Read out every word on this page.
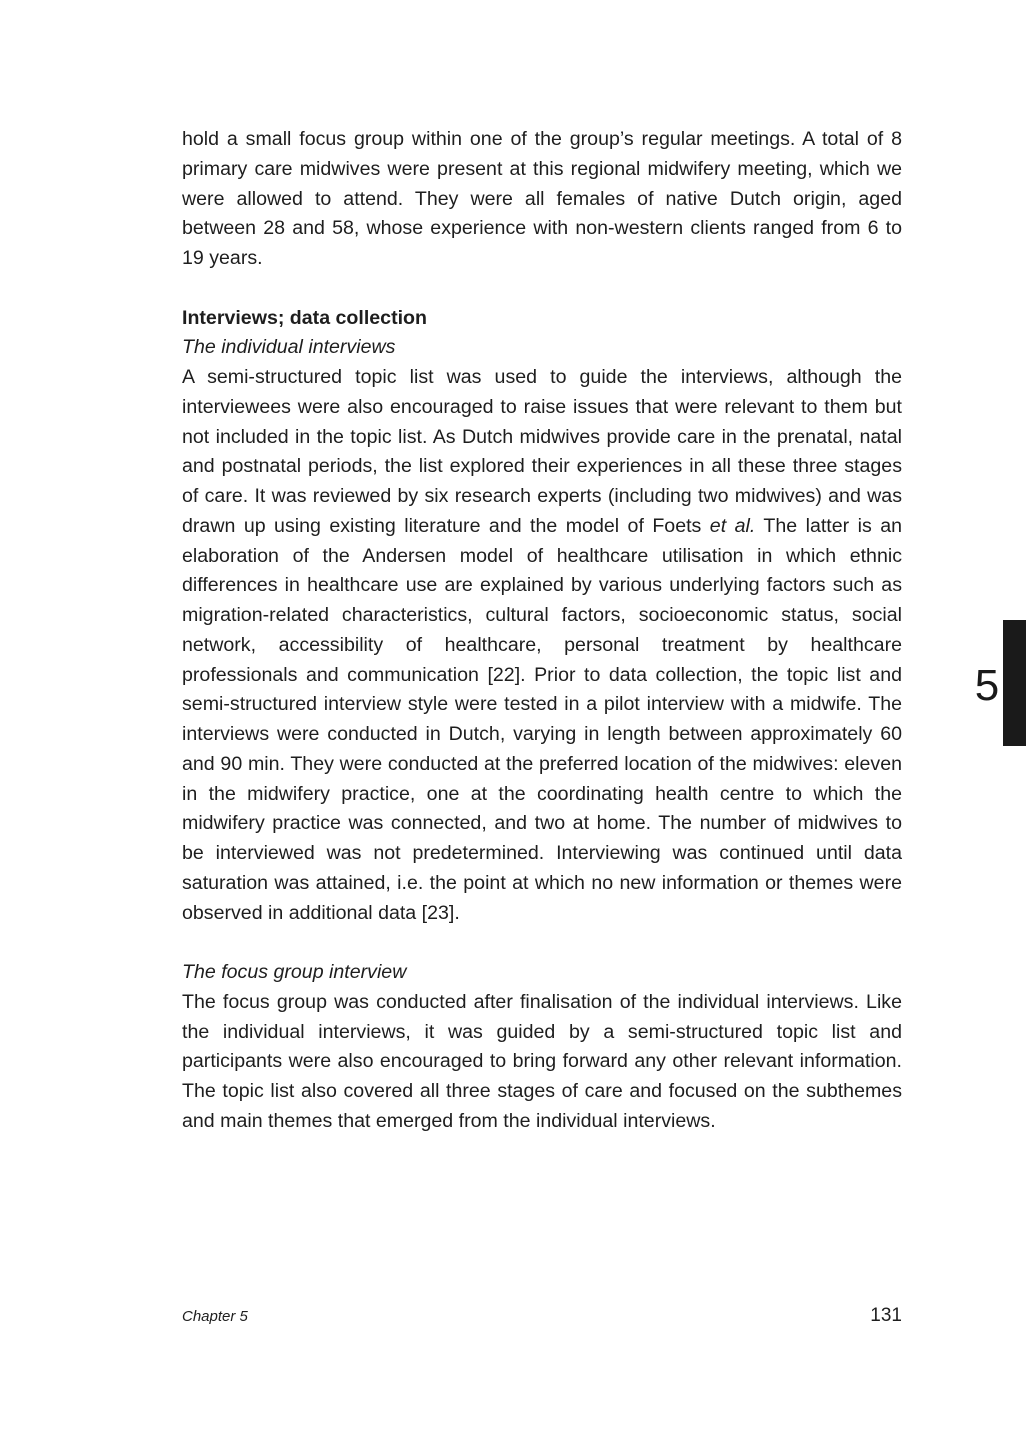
hold a small focus group within one of the group’s regular meetings. A total of 8 primary care midwives were present at this regional midwifery meeting, which we were allowed to attend. They were all females of native Dutch origin, aged between 28 and 58, whose experience with non-western clients ranged from 6 to 19 years.

Interviews; data collection

The individual interviews

A semi-structured topic list was used to guide the interviews, although the interviewees were also encouraged to raise issues that were relevant to them but not included in the topic list. As Dutch midwives provide care in the prenatal, natal and postnatal periods, the list explored their experiences in all these three stages of care. It was reviewed by six research experts (including two midwives) and was drawn up using existing literature and the model of Foets et al. The latter is an elaboration of the Andersen model of healthcare utilisation in which ethnic differences in healthcare use are explained by various underlying factors such as migration-related characteristics, cultural factors, socioeconomic status, social network, accessibility of healthcare, personal treatment by healthcare professionals and communication [22]. Prior to data collection, the topic list and semi-structured interview style were tested in a pilot interview with a midwife. The interviews were conducted in Dutch, varying in length between approximately 60 and 90 min. They were conducted at the preferred location of the midwives: eleven in the midwifery practice, one at the coordinating health centre to which the midwifery practice was connected, and two at home. The number of midwives to be interviewed was not predetermined. Interviewing was continued until data saturation was attained, i.e. the point at which no new information or themes were observed in additional data [23].

The focus group interview

The focus group was conducted after finalisation of the individual interviews. Like the individual interviews, it was guided by a semi-structured topic list and participants were also encouraged to bring forward any other relevant information. The topic list also covered all three stages of care and focused on the subthemes and main themes that emerged from the individual interviews.

5
Chapter 5	131
